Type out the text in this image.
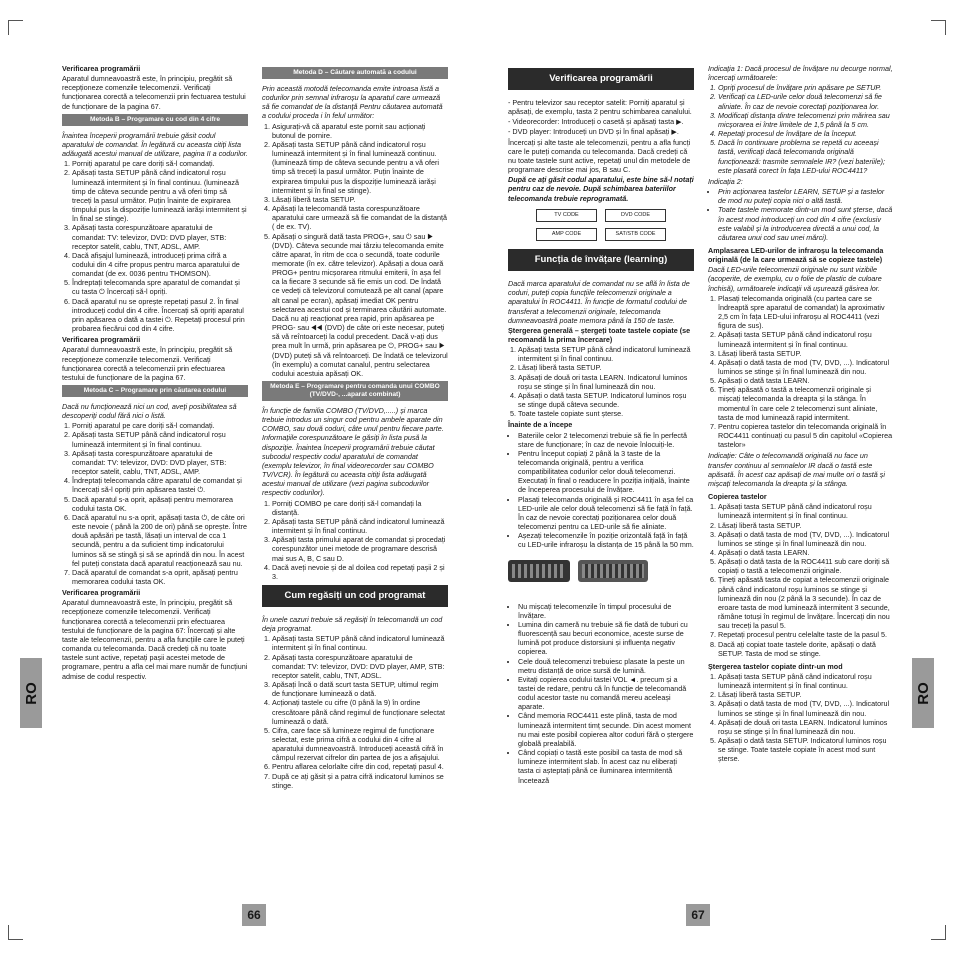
Verificarea programării

Aparatul dumneavoastră este, în principiu, pregătit să recepționeze comenzile telecomenzii. Verificați funcționarea corectă a telecomenzii prin fectuarea testului de funcționare de la pagina 67.

Metoda B – Programare cu cod din 4 cifre

Înaintea începerii programării trebuie găsit codul aparatului de comandat. În legătură cu aceasta citiți lista adăugată acestui manual de utilizare, pagina II a codurilor.

1. Porniți aparatul pe care doriți să-l comandați.
2. Apăsați tasta SETUP până când indicatorul roșu luminează intermitent și în final continuu. (luminează timp de câteva secunde pentru a vă oferi timp să treceți la pasul următor. Puțin înainte de expirarea timpului pus la dispoziție luminează iarăși intermitent și în final se stinge).
3. Apăsați tasta corespunzătoare aparatului de comandat: TV: televizor, DVD: DVD player, STB: receptor satelit, cablu, TNT, ADSL, AMP.
4. Dacă afișajul luminează, introduceți prima cifră a codului din 4 cifre propus pentru marca aparatului de comandat (de ex. 0036 pentru THOMSON).
5. Îndreptați telecomanda spre aparatul de comandat și cu tasta ⏻ încercați să-l opriți.
6. Dacă aparatul nu se oprește repetați pasul 2. În final introduceți codul din 4 cifre. Încercați să opriți aparatul prin apăsarea o dată a tastei ⏻. Repetați procesul prin probarea fiecărui cod din 4 cifre.

Verificarea programării

Aparatul dumneavoastră este, în principiu, pregătit să recepționeze comenzile telecomenzii. Verificați funcționarea corectă a telecomenzii prin efectuarea testului de funcționare de la pagina 67.

Metoda C – Programare prin căutarea codului

Dacă nu funcționează nici un cod, aveți posibilitatea să descoperiți codul fără nici o listă.

1. Porniți aparatul pe care doriți să-l comandați.
2. Apăsați tasta SETUP până când indicatorul roșu luminează intermitent și în final continuu.
3. Apăsați tasta corespunzătoare aparatului de comandat: TV: televizor, DVD: DVD player, STB: receptor satelit, cablu, TNT, ADSL, AMP.
4. Îndreptați telecomanda către aparatul de comandat și încercați să-l opriți prin apăsarea tastei ⏻.
5. Dacă aparatul s-a oprit, apăsați pentru memorarea codului tasta OK.
6. Dacă aparatul nu s-a oprit, apăsați tasta ⏻, de câte ori este nevoie ( până la 200 de ori) până se oprește. Între două apăsări pe tastă, lăsați un interval de cca 1 secundă, pentru a da suficient timp indicatorului luminos să se stingă și să se aprindă din nou. În acest fel puteți constata dacă aparatul reacționează sau nu.
7. Dacă aparatul de comandat s-a oprit, apăsați pentru memorarea codului tasta OK.

Verificarea programării

Aparatul dumneavoastră este, în principiu, pregătit să recepționeze comenzile telecomenzii. Verificați funcționarea corectă a telecomenzii prin efectuarea testului de funcționare de la pagina 67: Încercați și alte taste ale telecomenzii, pentru a afla funcțiile care le puteți comanda cu telecomanda. Dacă credeți că nu toate tastele sunt active, repetați pașii acestei metode de programare, pentru a afla cel mai mare număr de funcțiuni admise de codul respectiv.

Metoda D – Căutare automată a codului

Prin această motodă telecomanda emite introasa listă a codurilor prin semnal infraroșu la aparatul care urmează să fie comandat de la distanță Pentru căutarea automată a codului proceda i în felul următor:

1. Asigurați-vă că aparatul este pornit sau acționați butonul de pornire.
2. Apăsați tasta SETUP până când indicatorul roșu luminează intermitent și în final luminează continuu. (luminează timp de câteva secunde pentru a vă oferi timp să treceți la pasul următor. Puțin înainte de expirarea timpului pus la dispoziție luminează iarăși intermitent și în final se stinge).
3. Lăsați liberă tasta SETUP.
4. Apăsați la telecomandă tasta corespunzătoare aparatului care urmează să fie comandat de la distanță ( de ex. TV).
5. Apăsați o singură dată tasta PROG+, sau ⏻ sau ▶ (DVD). Câteva secunde mai târziu telecomanda emite către aparat, în ritm de cca o secundă, toate codurile memorate (în ex. către televizor). Apăsați a doua oară PROG+ pentru micșorarea ritmului emiterii, în așa fel ca la fiecare 3 secunde să fie emis un cod. De îndată ce vedeți că televizorul comutează pe alt canal (apare alt canal pe ecran), apăsați imediat OK pentru selectarea acestui cod și terminarea căutării automate. Dacă nu ați reacționat prea rapid, prin apăsarea pe PROG- sau ◀◀ (DVD) de câte ori este necesar, puteți să vă reîntoarceți la codul precedent. Dacă v-ați dus prea mult în urmă, prin apăsarea pe ⏻, PROG+ sau ▶ (DVD) puteți să vă reîntoarceți. De îndată ce televizorul (în exemplu) a comutat canalul, pentru selectarea codului acestuia apăsați OK.
Metoda E – Programare pentru comanda unui COMBO (TV/DVD-, ...aparat combinat)

În funcție de familia COMBO (TV/DVD,.....) și marca trebuie introdus un singur cod pentru ambele aparate din COMBO, sau două coduri, câte unul pentru fiecare parte. Informațiile corespunzătoare le găsiți în lista pusă la dispoziție. Înaintea începerii programării trebuie căutat subcodul respectiv codul aparatului de comandat (exemplu televizor, în final videorecorder sau COMBO TV/VCR). În legătură cu aceasta citiți lista adăugată acestui manual de utilizare (vezi pagina subcodurilor respectiv codurilor).

1. Porniți COMBO pe care doriți să-l comandați la distanță.
2. Apăsați tasta SETUP până când indicatorul luminează intermitent și în final continuu.
3. Apăsați tasta primului aparat de comandat și procedați corespunzător unei metode de programare descrisă mai sus A, B, C sau D.
4. Dacă aveți nevoie și de al doilea cod repetați pașii 2 și 3.
Cum regăsiți un cod programat

În unele cazuri trebuie să regăsiți în telecomandă un cod deja programat.

1. Apăsați tasta SETUP până când indicatorul luminează intermitent și în final continuu.
2. Apăsați tasta corespunzătoare aparatului de comandat: TV: televizor, DVD: DVD player, AMP, STB: receptor satelit, cablu, TNT, ADSL.
3. Apăsați încă o dată scurt tasta SETUP, ultimul regim de funcționare luminează o dată.
4. Acționați tastele cu cifre (0 până la 9) în ordine crescătoare până când regimul de funcționare selectat luminează o dată.
5. Cifra, care face să lumineze regimul de funcționare selectat, este prima cifră a codului din 4 cifre al aparatului dumneavoastră. Introduceți această cifră în câmpul rezervat cifrelor din partea de jos a afișajului.
6. Pentru aflarea celorlalte cifre din cod, repetați pasul 4.
7. După ce ați găsit și a patra cifră indicatorul luminos se stinge.
Verificarea programării

- Pentru televizor sau receptor satelit: Porniți aparatul și apăsați, de exemplu, tasta 2 pentru schimbarea canalului.

- Videorecorder: Introduceți o casetă și apăsați tasta ▶.

- DVD player: Introduceți un DVD și în final apăsați ▶.

Încercați și alte taste ale telecomenzii, pentru a afla funcți care le puteți comanda cu telecomanda. Dacă credeți că nu toate tastele sunt active, repetați unul din metodele de programare descrise mai jos, B sau C.

După ce ați găsit codul aparatului, este bine să-l notați pentru caz de nevoie. După schimbarea bateriilor telecomanda trebuie reprogramată.

TV CODE	DVD CODE
AMP CODE	SAT/STB CODE
Funcția de învățare (learning)

Dacă marca aparatului de comandat nu se află în lista de coduri, puteți copia funcțiile telecomenzii originale a aparatului în ROC4411. În funcție de formatul codului de transferat a telecomenzii originale, telecomanda dumneavoastră poate memora până la 150 de taste.

Ștergerea generală – ștergeți toate tastele copiate (se recomandă la prima încercare)

1. Apăsați tasta SETUP până când indicatorul luminează intermitent și în final continuu.
2. Lăsați liberă tasta SETUP.
3. Apăsați de două ori tasta LEARN. Indicatorul luminos roșu se stinge și în final luminează din nou.
4. Apăsați o dată tasta SETUP. Indicatorul luminos roșu se stinge după câteva secunde.
5. Toate tastele copiate sunt șterse.

Înainte de a începe

• Bateriile celor 2 telecomenzi trebuie să fie în perfectă stare de funcționare; în caz de nevoie înlocuiți-le.
• Pentru început copiați 2 până la 3 taste de la telecomanda originală, pentru a verifica compatibilitatea codurilor celor două telecomenzi. Executați în final o readucere în poziția inițială, înainte de începerea procesului de învățare.
• Plasați telecomanda originală și ROC4411 în așa fel ca LED-urile ale celor două telecomenzi să fie față în față. În caz de nevoie corectați poziționarea celor două telecomenzi pentru ca LED-urile să fie aliniate.
• Așezați telecomenzile în poziție orizontală față în față cu LED-urile infraroșu la distanța de 15 până la 50 mm.
• Nu mișcați telecomenzile în timpul procesului de învățare.
• Lumina din cameră nu trebuie să fie dată de tuburi cu fluorescență sau becuri economice, aceste surse de lumină pot produce distorsiuni și influența negativ copierea.
• Cele două telecomenzi trebuiesc plasate la peste un metru distanță de orice sursă de lumină.
• Evitați copierea codului tastei VOL ◄. precum și a tastei de redare, pentru că în funcție de telecomandă codul acestor taste nu comandă mereu aceleași aparate.
• Când memoria ROC4411 este plină, tasta de mod luminează intermitent timț secunde. Din acest moment nu mai este posibil copierea altor coduri fără o ștergere globală prealabilă.
• Când copiați o tastă este posibil ca tasta de mod să lumineze intermitent slab. În acest caz nu eliberați tasta ci așteptați până ce iluminarea intermitentă încetează

Indicația 1: Dacă procesul de învățare nu decurge normal, încercați următoarele:

1. Opriți procesul de învățare prin apăsare pe SETUP.
2. Verificați ca LED-urile celor două telecomenzi să fie aliniate. În caz de nevoie corectați poziționarea lor.
3. Modificați distanța dintre telecomenzi prin mărirea sau micșorarea ei între limitele de 1,5 până la 5 cm.
4. Repetați procesul de învățare de la început.
5. Dacă în continuare problema se repetă cu aceeași tastă, verificați dacă telecomanda originală funcționează: trasmite semnalele IR? (vezi bateriile); este plasată corect în fața LED-ului ROC4411?

Indicația 2:

• Prin acționarea tastelor LEARN, SETUP și a tastelor de mod nu puteți copia nici o altă tastă.
• Toate tastele memorate dintr-un mod sunt șterse, dacă în acest mod introduceți un cod din 4 cifre (exclusiv este valabil și la introducerea directă a unui cod, la căutarea unui cod sau unei mărci).

Amplasarea LED-urilor de infraroșu la telecomanda originală (de la care urmează să se copieze tastele)

Dacă LED-urile telecomenzii originale nu sunt vizibile (acoperite, de exemplu, cu o folie de plastic de culoare închisă), următoarele indicații vă ușurează găsirea lor.

1. Plasați telecomanda originală (cu partea care se îndreaptă spre aparatul de comandat) la aproximativ 2,5 cm în fața LED-ului infraroșu al ROC4411 (vezi figura de sus).
2. Apăsați tasta SETUP până când indicatorul roșu luminează intermitent și în final continuu.
3. Lăsați liberă tasta SETUP.
4. Apăsați o dată tasta de mod (TV, DVD, ...). Indicatorul luminos se stinge și în final luminează din nou.
5. Apăsați o dată tasta LEARN.
6. Țineți apăsată o tastă a telecomenzii originale și mișcați telecomanda la dreapta și la stânga. În momentul în care cele 2 telecomenzi sunt aliniate, tasta de mod luminează rapid intermitent.
7. Pentru copierea tastelor din telecomanda originală în ROC4411 continuați cu pasul 5 din capitolul «Copierea tastelor»

Indicație: Câte o telecomandă originală nu face un transfer continuu al semnalelor IR dacă o tastă este apăsată. În acest caz apăsați de mai multe ori o tastă și mișcați telecomanda la dreapta și la stânga.

Copierea tastelor

1. Apăsați tasta SETUP până când indicatorul roșu luminează intermitent și în final continuu.
2. Lăsați liberă tasta SETUP.
3. Apăsați o dată tasta de mod (TV, DVD, ...). Indicatorul luminos se stinge și în final luminează din nou.
4. Apăsați o dată tasta LEARN.
5. Apăsați o dată tasta de la ROC4411 sub care doriți să copiați o tastă a telecomenzii originale.
6. Țineți apăsată tasta de copiat a telecomenzii originale până când indicatorul roșu luminos se stinge și luminează din nou (2 până la 3 secunde). În caz de eroare tasta de mod luminează intermitent 3 secunde, rămâne totuși în regimul de învățare. Încercați din nou sau treceți la pasul 5.
7. Repetați procesul pentru celelalte taste de la pasul 5.
8. Dacă ați copiat toate tastele dorite, apăsați o dată SETUP. Tasta de mod se stinge.

Ștergerea tastelor copiate dintr-un mod

1. Apăsați tasta SETUP până când indicatorul roșu luminează intermitent și în final continuu.
2. Lăsați liberă tasta SETUP.
3. Apăsați o dată tasta de mod (TV, DVD, ...). Indicatorul luminos se stinge și în final luminează din nou.
4. Apăsați de două ori tasta LEARN. Indicatorul luminos roșu se stinge și în final luminează din nou.
5. Apăsați o dată tasta SETUP. Indicatorul luminos roșu se stinge. Toate tastele copiate în acest mod sunt șterse.
RO	RO
66	67
